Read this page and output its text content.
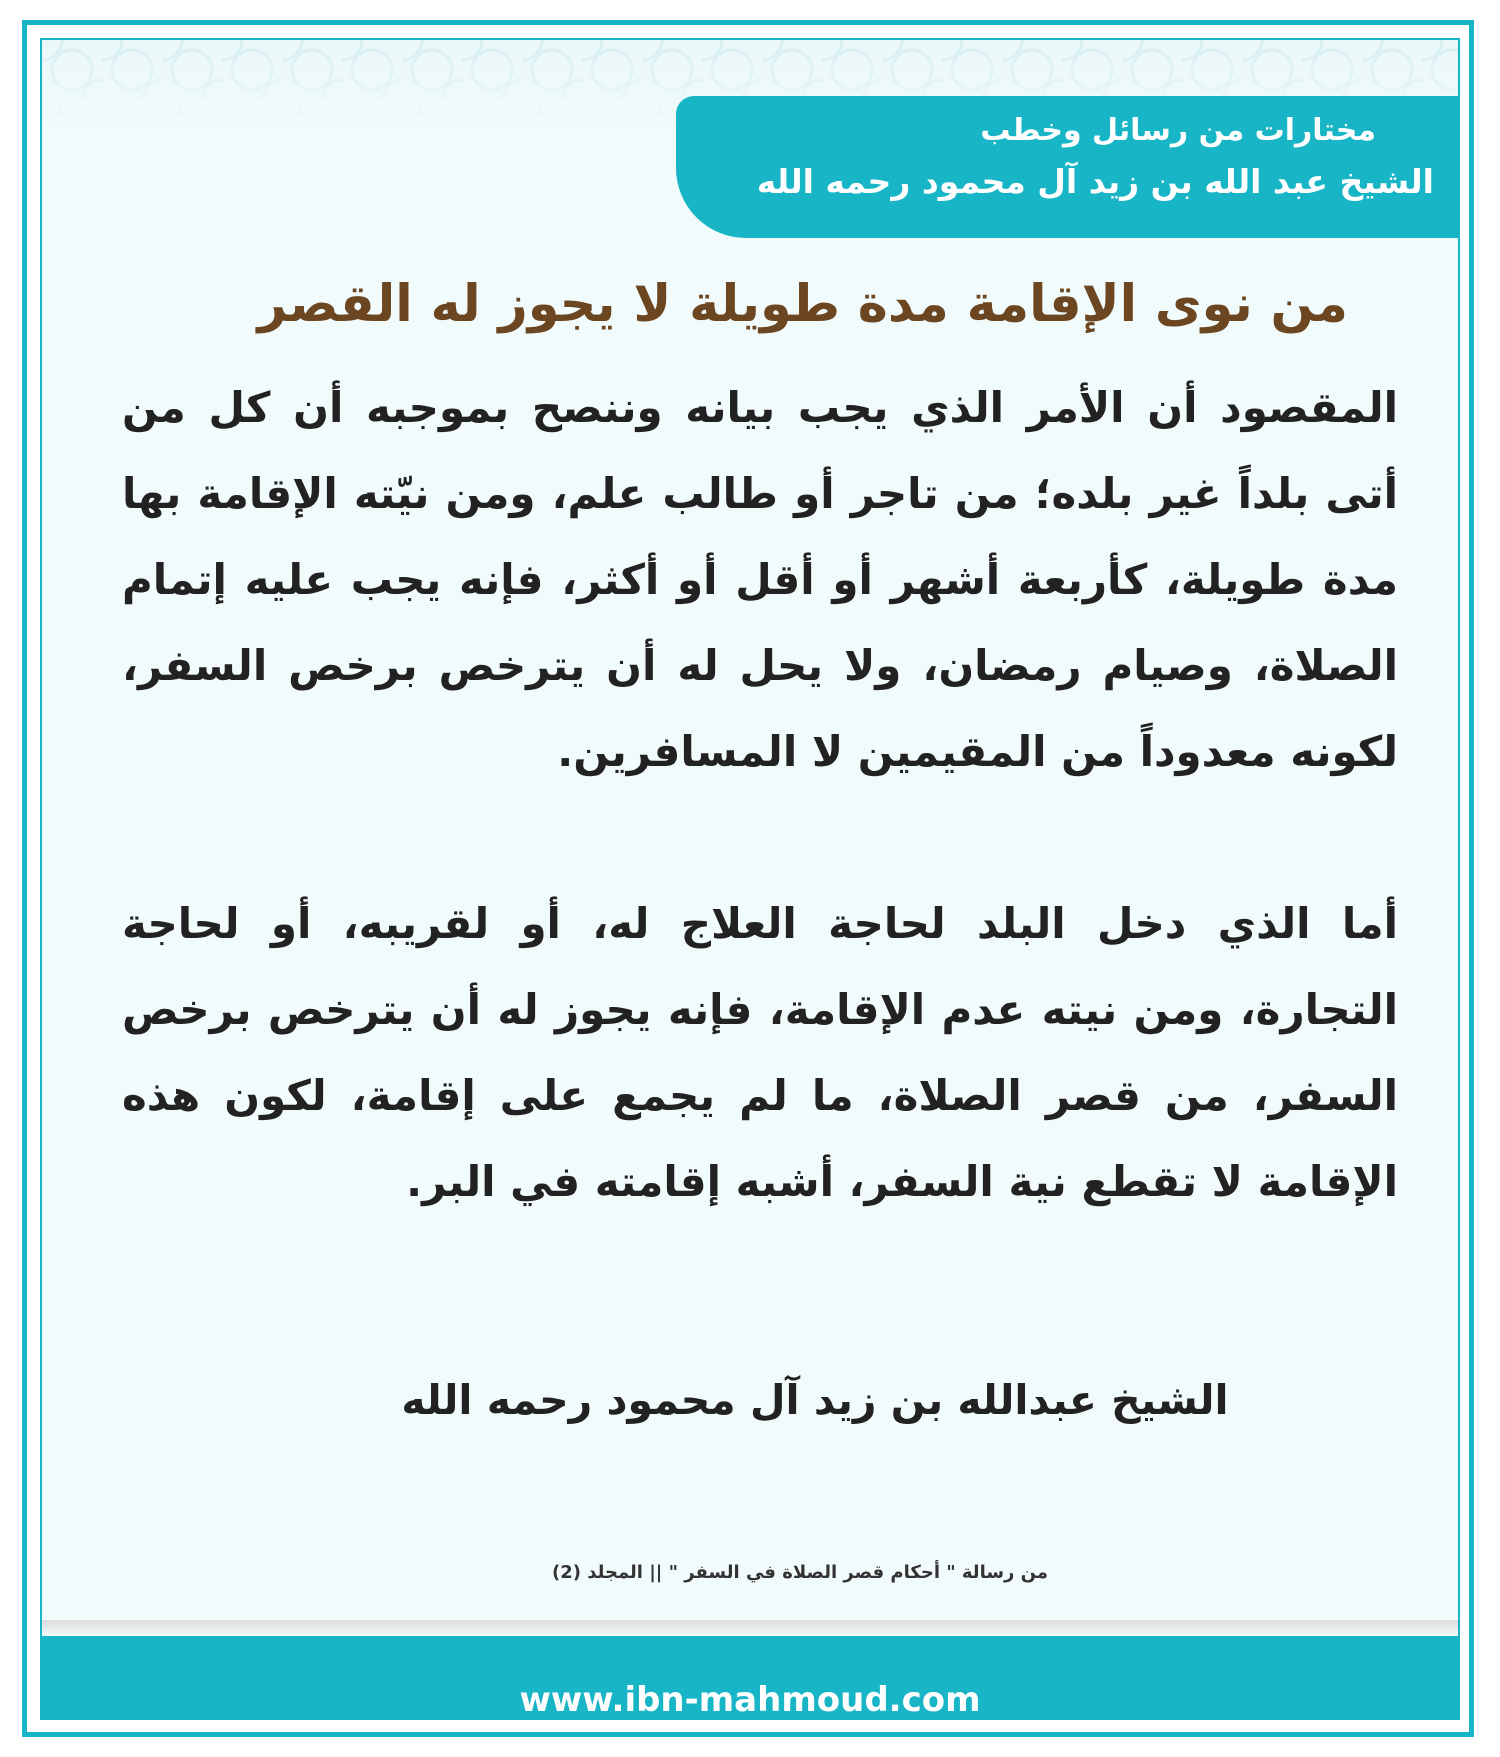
مختارات من رسائل وخطب
الشيخ عبد الله بن زيد آل محمود رحمه الله
من نوى الإقامة مدة طويلة لا يجوز له القصر

المقصود أن الأمر الذي يجب بيانه وننصح بموجبه أن كل من أتى بلداً غير بلده؛ من تاجر أو طالب علم، ومن نيّته الإقامة بها مدة طويلة، كأربعة أشهر أو أقل أو أكثر، فإنه يجب عليه إتمام الصلاة، وصيام رمضان، ولا يحل له أن يترخص برخص السفر، لكونه معدوداً من المقيمين لا المسافرين.

أما الذي دخل البلد لحاجة العلاج له، أو لقريبه، أو لحاجة التجارة، ومن نيته عدم الإقامة، فإنه يجوز له أن يترخص برخص السفر، من قصر الصلاة، ما لم يجمع على إقامة، لكون هذه الإقامة لا تقطع نية السفر، أشبه إقامته في البر.

الشيخ عبدالله بن زيد آل محمود رحمه الله
من رسالة " أحكام قصر الصلاة في السفر " || المجلد (2)
www.ibn-mahmoud.com
